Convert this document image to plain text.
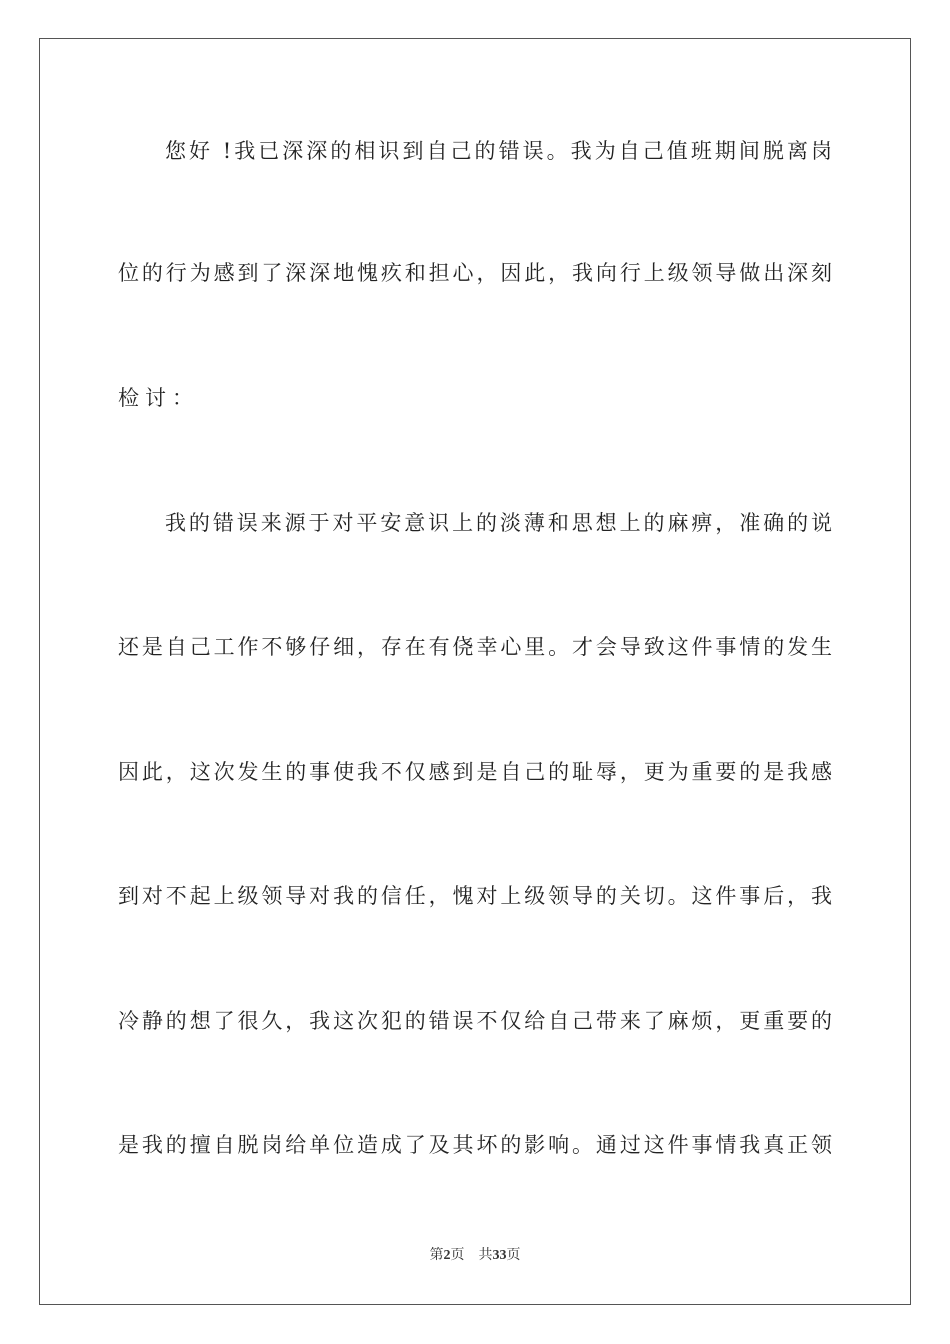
您好 !我已深深的相识到自己的错误。我为自己值班期间脱离岗
位的行为感到了深深地愧疚和担心，因此，我向行上级领导做出深刻
检讨：
我的错误来源于对平安意识上的淡薄和思想上的麻痹，准确的说
还是自己工作不够仔细，存在有侥幸心里。才会导致这件事情的发生
因此，这次发生的事使我不仅感到是自己的耻辱，更为重要的是我感
到对不起上级领导对我的信任，愧对上级领导的关切。这件事后，我
冷静的想了很久，我这次犯的错误不仅给自己带来了麻烦，更重要的
是我的擅自脱岗给单位造成了及其坏的影响。通过这件事情我真正领
第2页 共33页
